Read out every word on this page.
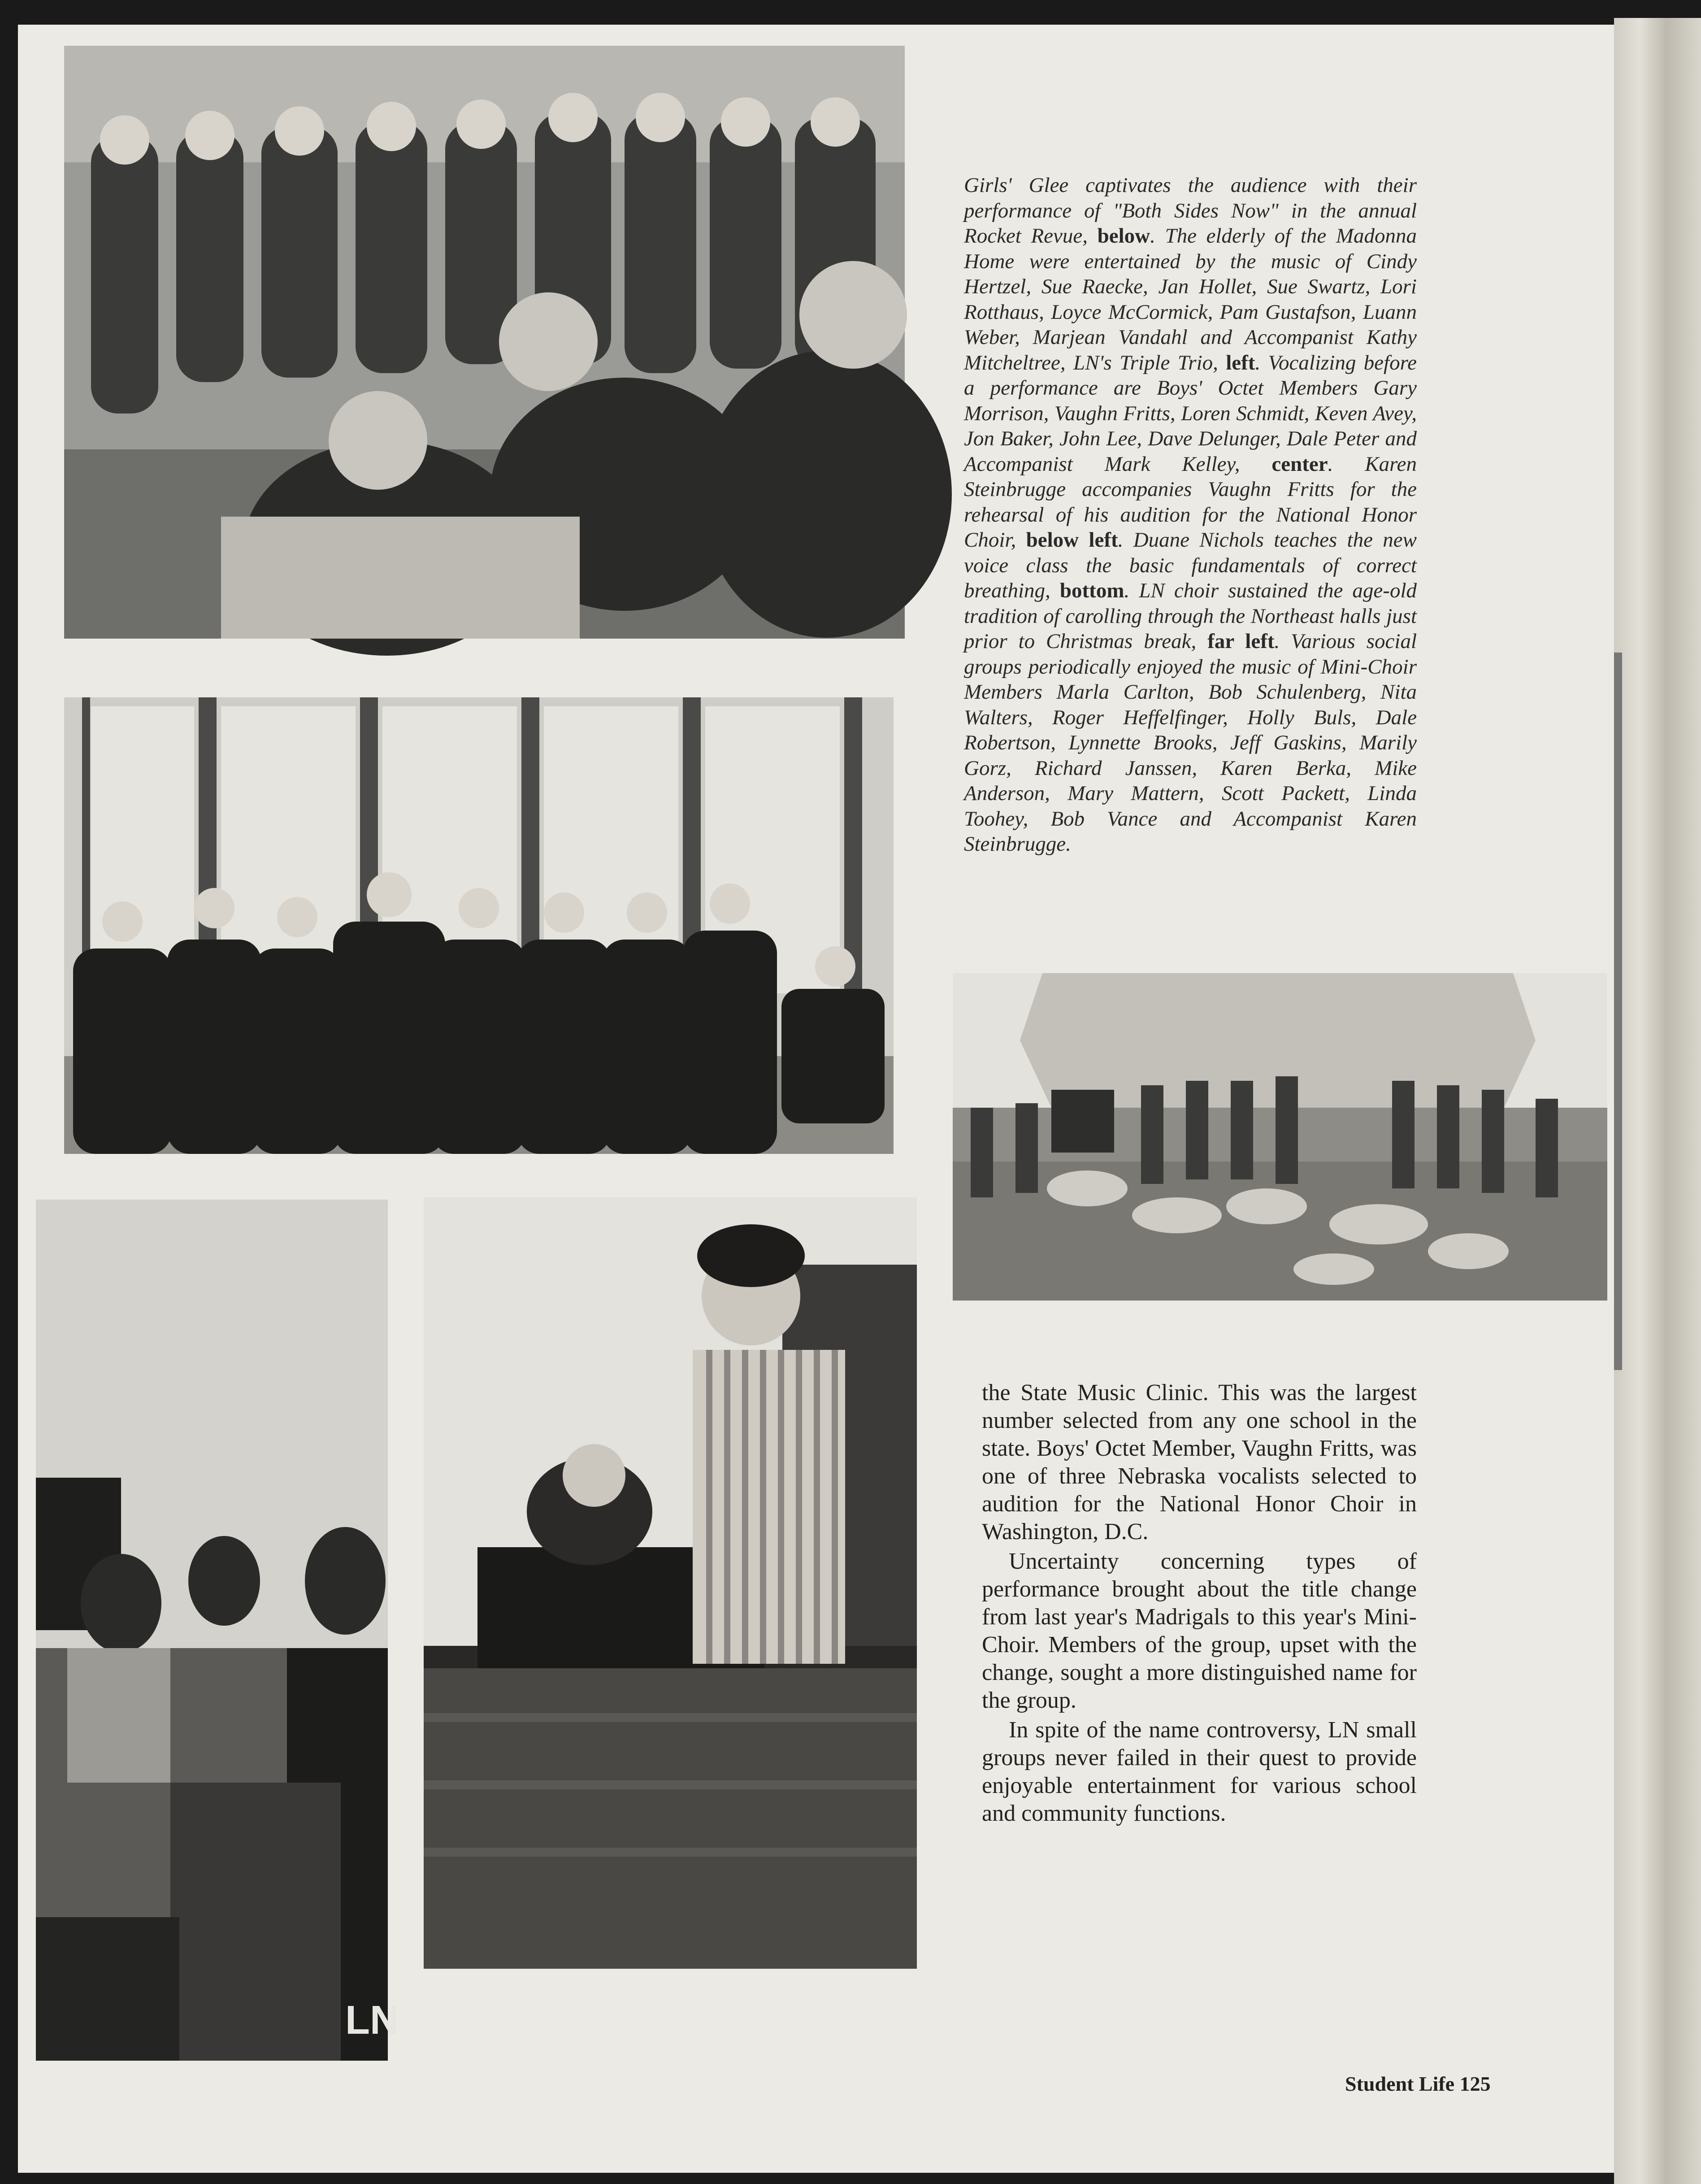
LN
Girls' Glee captivates the audience with their performance of "Both Sides Now" in the annual Rocket Revue, below. The elderly of the Madonna Home were entertained by the music of Cindy Hertzel, Sue Raecke, Jan Hollet, Sue Swartz, Lori Rotthaus, Loyce McCormick, Pam Gustafson, Luann Weber, Marjean Vandahl and Accompanist Kathy Mitcheltree, LN's Triple Trio, left. Vocalizing before a performance are Boys' Octet Members Gary Morrison, Vaughn Fritts, Loren Schmidt, Keven Avey, Jon Baker, John Lee, Dave Delunger, Dale Peter and Accompanist Mark Kelley, center. Karen Steinbrugge accompanies Vaughn Fritts for the rehearsal of his audition for the National Honor Choir, below left. Duane Nichols teaches the new voice class the basic fundamentals of correct breathing, bottom. LN choir sustained the age-old tradition of carolling through the Northeast halls just prior to Christmas break, far left. Various social groups periodically enjoyed the music of Mini-Choir Members Marla Carlton, Bob Schulenberg, Nita Walters, Roger Heffelfinger, Holly Buls, Dale Robertson, Lynnette Brooks, Jeff Gaskins, Marily Gorz, Richard Janssen, Karen Berka, Mike Anderson, Mary Mattern, Scott Packett, Linda Toohey, Bob Vance and Accompanist Karen Steinbrugge.

the State Music Clinic. This was the largest number selected from any one school in the state. Boys' Octet Member, Vaughn Fritts, was one of three Nebraska vocalists selected to audition for the National Honor Choir in Washington, D.C.

Uncertainty concerning types of performance brought about the title change from last year's Madrigals to this year's Mini-Choir. Members of the group, upset with the change, sought a more distinguished name for the group.

In spite of the name controversy, LN small groups never failed in their quest to provide enjoyable entertainment for various school and community functions.

Student Life 125
